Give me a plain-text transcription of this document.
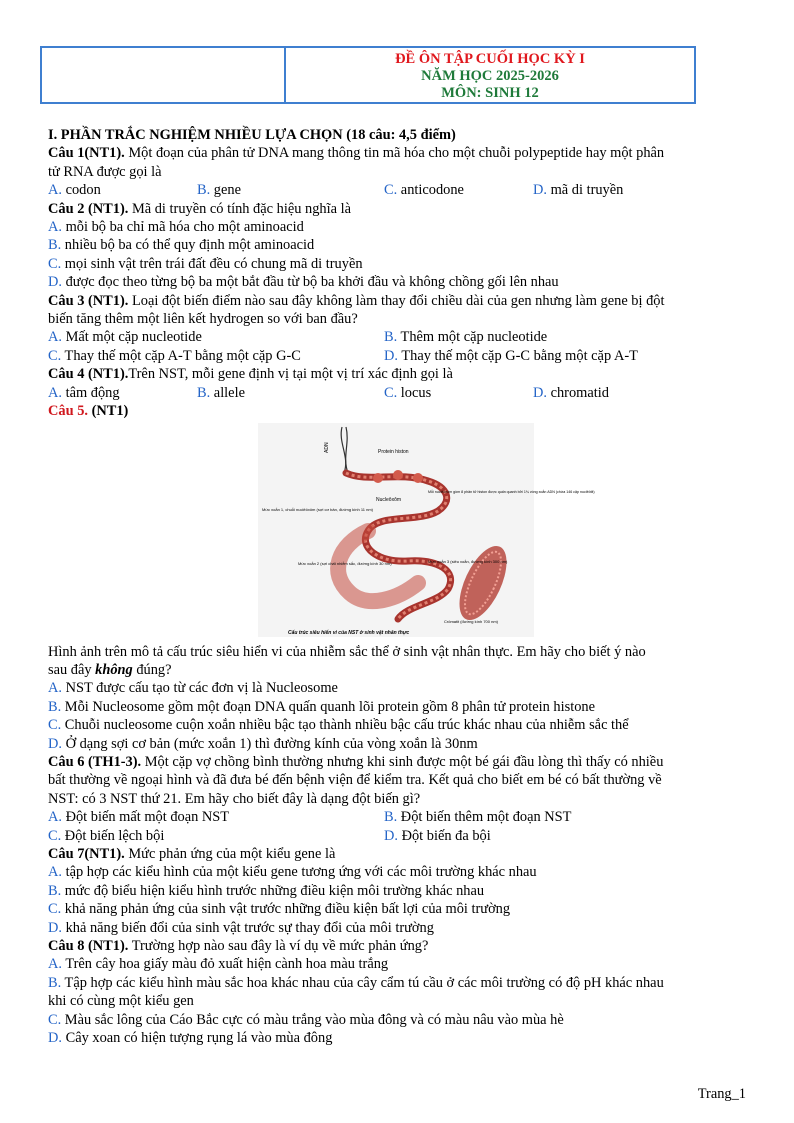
ĐỀ ÔN TẬP CUỐI HỌC KỲ I
NĂM HỌC 2025-2026
MÔN: SINH 12
I. PHẦN TRẮC NGHIỆM NHIỀU LỰA CHỌN (18 câu: 4,5 điểm)
Câu 1(NT1). Một đoạn của phân tử DNA mang thông tin mã hóa cho một chuỗi polypeptide hay một phân
tử RNA được gọi là
A. codon	B. gene	C. anticodone	D. mã di truyền
Câu 2 (NT1). Mã di truyền có tính đặc hiệu nghĩa là
A. mỗi bộ ba chỉ mã hóa cho một aminoacid
B. nhiều bộ ba có thể quy định một aminoacid
C. mọi sinh vật trên trái đất đều có chung mã di truyền
D. được đọc theo từng bộ ba một bắt đầu từ bộ ba khởi đầu và không chồng gối lên nhau
Câu 3 (NT1). Loại đột biến điểm nào sau đây không làm thay đổi chiều dài của gen nhưng làm gene bị đột
biến tăng thêm một liên kết hydrogen so với ban đầu?
A. Mất một cặp nucleotide	B. Thêm một cặp nucleotide
C. Thay thế một cặp A-T bằng một cặp G-C	D. Thay thế một cặp G-C bằng một cặp A-T
Câu 4 (NT1).Trên NST, mỗi gene định vị tại một vị trí xác định gọi là
A. tâm động	B. allele	C. locus	D. chromatid
Câu 5. (NT1)
ADN	Protein histon
Nucleôxôm
Mức xoắn 1, chuỗi nuclêôxôm (sợi cơ bản, đường kính 11 nm)
Mức xoắn 2 (sợi chất nhiễm sắc, đường kính 30 nm)	Mức xoắn 3 (siêu xoắn, đường kính 300 nm)
Mỗi nuclêôxôm gồm 8 phân tử histon được quấn quanh bởi 1¾ vòng xoắn ADN (chứa 146 cặp nuclêôtit)
Crômatit (đường kính 700 nm)
Cấu trúc siêu hiển vi của NST ở sinh vật nhân thực
Hình ảnh trên mô tả cấu trúc siêu hiển vi của nhiễm sắc thể ở sinh vật nhân thực. Em hãy cho biết ý nào
sau đây không đúng?
A. NST được cấu tạo từ các đơn vị là Nucleosome
B. Mỗi Nucleosome gồm một đoạn DNA quấn quanh lõi protein gồm 8 phân tử protein histone
C. Chuỗi nucleosome cuộn xoắn nhiều bậc tạo thành nhiều bậc cấu trúc khác nhau của nhiễm sắc thể
D. Ở dạng sợi cơ bản (mức xoắn 1) thì đường kính của vòng xoắn là 30nm
Câu 6 (TH1-3). Một cặp vợ chồng bình thường nhưng khi sinh được một bé gái đầu lòng thì thấy có nhiều
bất thường về ngoại hình và đã đưa bé đến bệnh viện để kiểm tra. Kết quả cho biết em bé có bất thường về
NST: có 3 NST thứ 21. Em hãy cho biết đây là dạng đột biến gì?
A. Đột biến mất một đoạn NST	B. Đột biến thêm một đoạn NST
C. Đột biến lệch bội	D. Đột biến đa bội
Câu 7(NT1). Mức phản ứng của một kiểu gene là
A. tập hợp các kiểu hình của một kiểu gene tương ứng với các môi trường khác nhau
B. mức độ biểu hiện kiểu hình trước những điều kiện môi trường khác nhau
C. khả năng phản ứng của sinh vật trước những điều kiện bất lợi của môi trường
D. khả năng biến đổi của sinh vật trước sự thay đổi của môi trường
Câu 8 (NT1). Trường hợp nào sau đây là ví dụ về mức phản ứng?
A. Trên cây hoa giấy màu đỏ xuất hiện cành hoa màu trắng
B. Tập hợp các kiểu hình màu sắc hoa khác nhau của cây cẩm tú cầu ở các môi trường có độ pH khác nhau
khi có cùng một kiểu gen
C. Màu sắc lông của Cáo Bắc cực có màu trắng vào mùa đông và có màu nâu vào mùa hè
D. Cây xoan có hiện tượng rụng lá vào mùa đông
Trang_1
